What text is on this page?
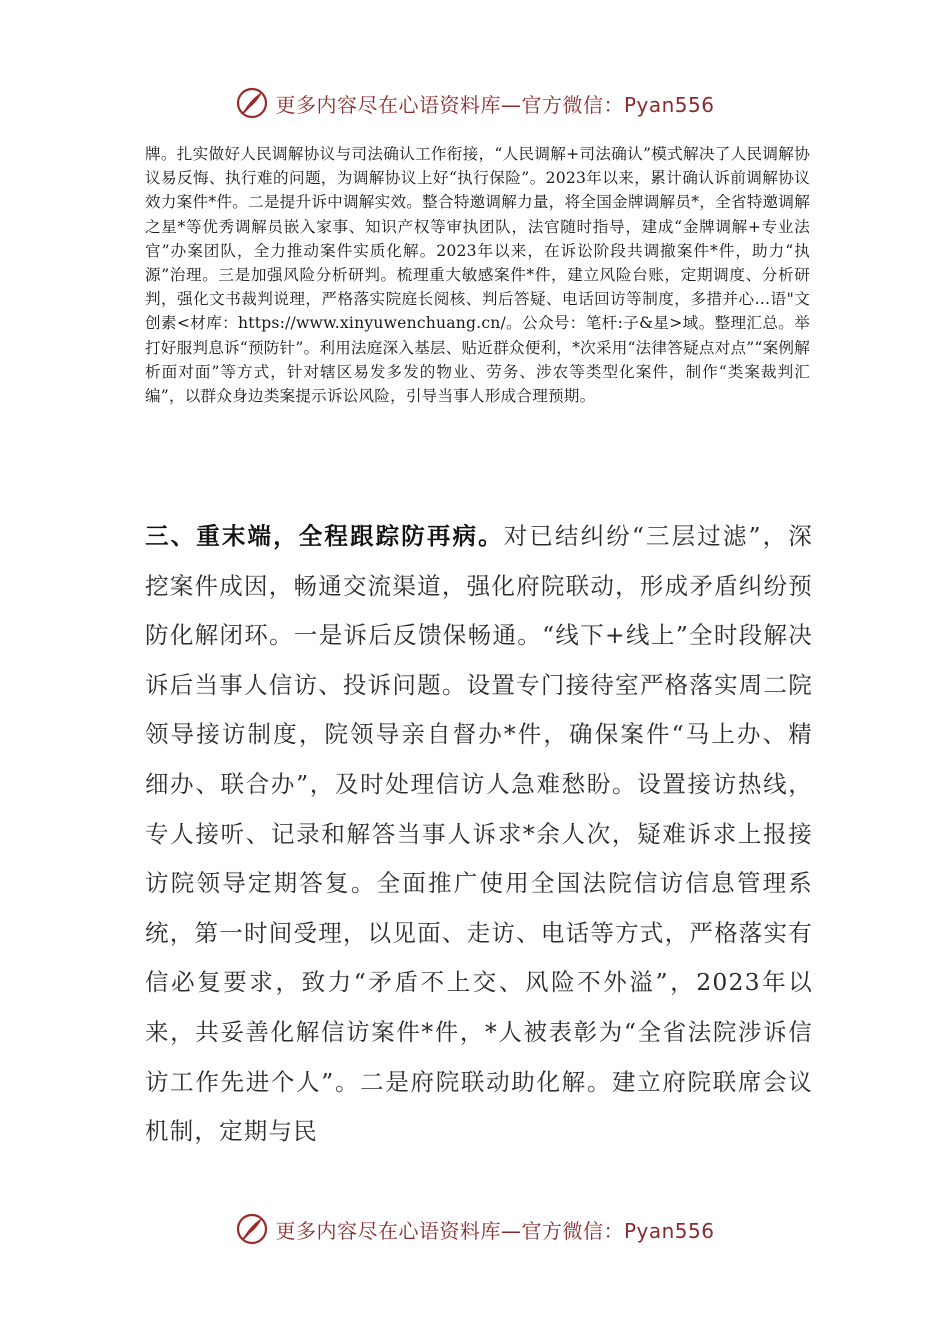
更多内容尽在心语资料库—官方微信：Pyan556

牌。扎实做好人民调解协议与司法确认工作衔接，“人民调解+司法确认”模式解决了人民调解协议易反悔、执行难的问题，为调解协议上好“执行保险”。2023年以来，累计确认诉前调解协议效力案件*件。二是提升诉中调解实效。整合特邀调解力量，将全国金牌调解员*，全省特邀调解之星*等优秀调解员嵌入家事、知识产权等审执团队，法官随时指导，建成“金牌调解+专业法官”办案团队，全力推动案件实质化解。2023年以来，在诉讼阶段共调撤案件*件，助力“执源”治理。三是加强风险分析研判。梳理重大敏感案件*件，建立风险台账，定期调度、分析研判，强化文书裁判说理，严格落实院庭长阅核、判后答疑、电话回访等制度，多措并心…语"文创素<材库：https://www.xinyuwenchuang.cn/。公众号：笔杆:子&星>域。整理汇总。举打好服判息诉“预防针”。利用法庭深入基层、贴近群众便利，*次采用“法律答疑点对点”“案例解析面对面”等方式，针对辖区易发多发的物业、劳务、涉农等类型化案件，制作“类案裁判汇编”，以群众身边类案提示诉讼风险，引导当事人形成合理预期。

三、重末端，全程跟踪防再病。对已结纠纷“三层过滤”，深挖案件成因，畅通交流渠道，强化府院联动，形成矛盾纠纷预防化解闭环。一是诉后反馈保畅通。“线下+线上”全时段解决诉后当事人信访、投诉问题。设置专门接待室严格落实周二院领导接访制度，院领导亲自督办*件，确保案件“马上办、精细办、联合办”，及时处理信访人急难愁盼。设置接访热线，专人接听、记录和解答当事人诉求*余人次，疑难诉求上报接访院领导定期答复。全面推广使用全国法院信访信息管理系统，第一时间受理，以见面、走访、电话等方式，严格落实有信必复要求，致力“矛盾不上交、风险不外溢”，2023年以来，共妥善化解信访案件*件，*人被表彰为“全省法院涉诉信访工作先进个人”。二是府院联动助化解。建立府院联席会议机制，定期与民

更多内容尽在心语资料库—官方微信：Pyan556
